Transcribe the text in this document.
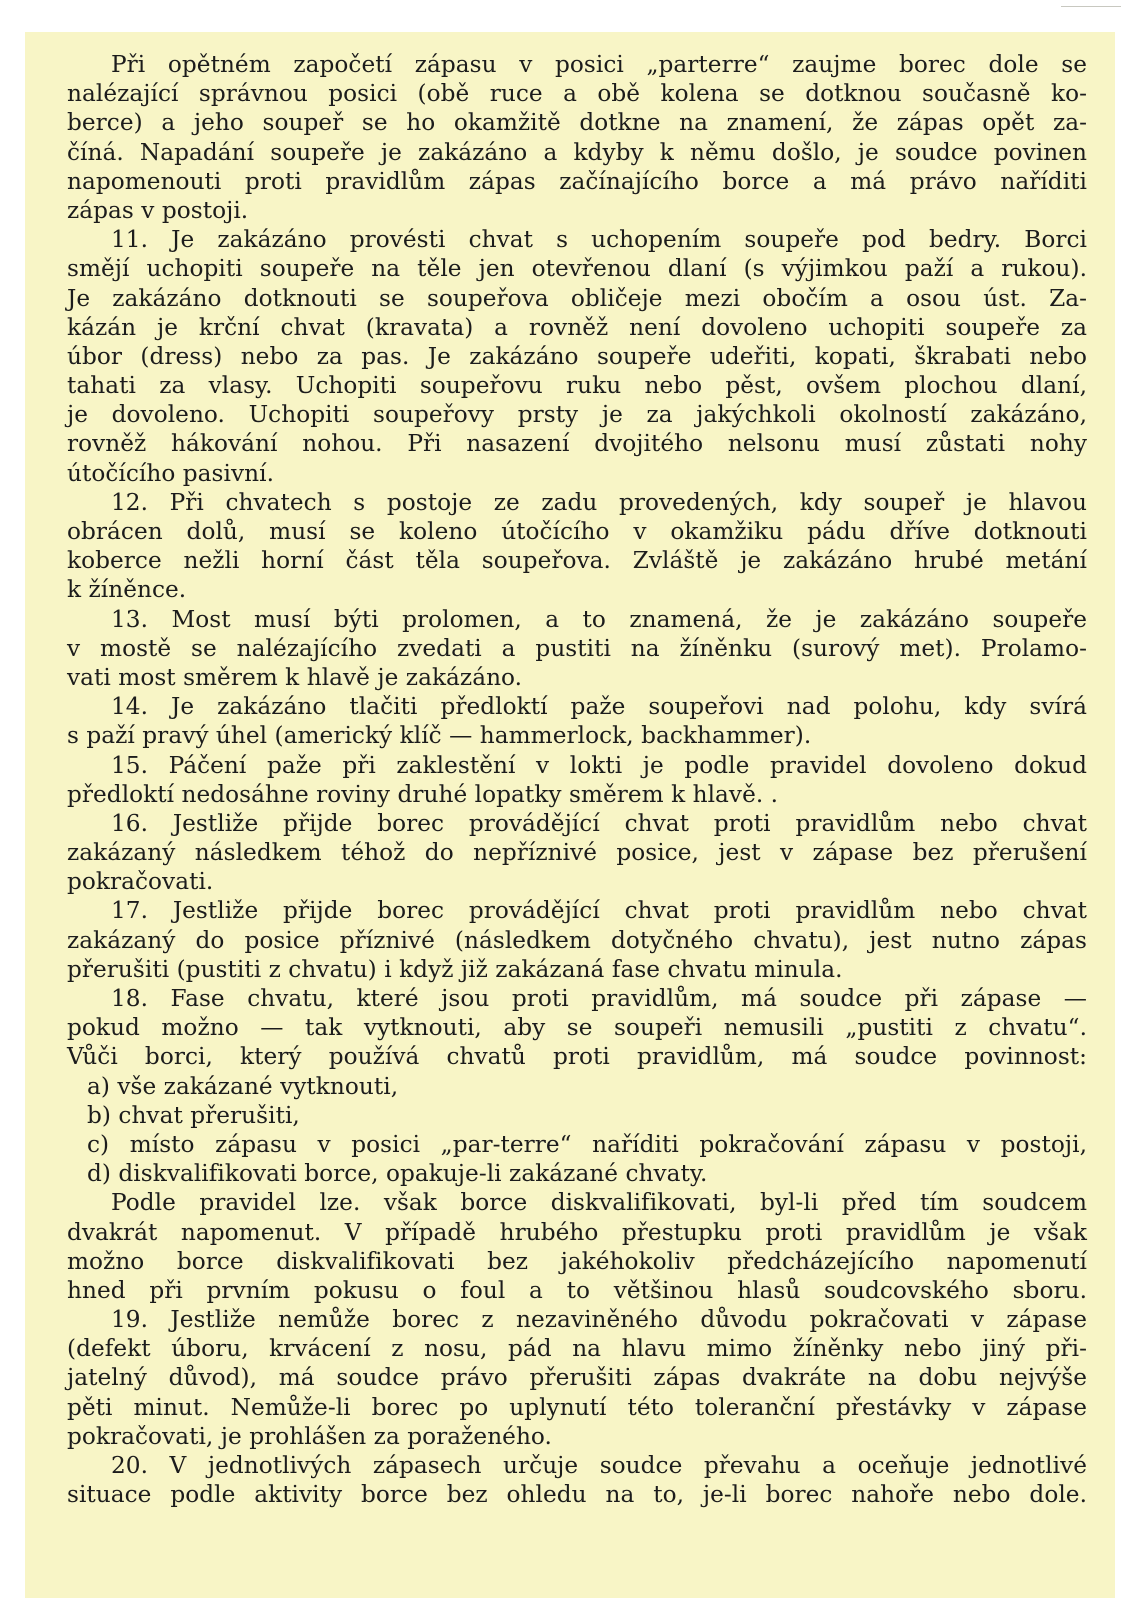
Při opětném započetí zápasu v posici „parterre“ zaujme borec dole se
nalézající správnou posici (obě ruce a obě kolena se dotknou současně ko-
berce) a jeho soupeř se ho okamžitě dotkne na znamení, že zápas opět za-
číná. Napadání soupeře je zakázáno a kdyby k němu došlo, je soudce povinen
napomenouti proti pravidlům zápas začínajícího borce a má právo naříditi
zápas v postoji.
11. Je zakázáno provésti chvat s uchopením soupeře pod bedry. Borci
smějí uchopiti soupeře na těle jen otevřenou dlaní (s výjimkou paží a rukou).
Je zakázáno dotknouti se soupeřova obličeje mezi obočím a osou úst. Za-
kázán je krční chvat (kravata) a rovněž není dovoleno uchopiti soupeře za
úbor (dress) nebo za pas. Je zakázáno soupeře udeřiti, kopati, škrabati nebo
tahati za vlasy. Uchopiti soupeřovu ruku nebo pěst, ovšem plochou dlaní,
je dovoleno. Uchopiti soupeřovy prsty je za jakýchkoli okolností zakázáno,
rovněž hákování nohou. Při nasazení dvojitého nelsonu musí zůstati nohy
útočícího pasivní.
12. Při chvatech s postoje ze zadu provedených, kdy soupeř je hlavou
obrácen dolů, musí se koleno útočícího v okamžiku pádu dříve dotknouti
koberce nežli horní část těla soupeřova. Zvláště je zakázáno hrubé metání
k žíněnce.
13. Most musí býti prolomen, a to znamená, že je zakázáno soupeře
v mostě se nalézajícího zvedati a pustiti na žíněnku (surový met). Prolamo-
vati most směrem k hlavě je zakázáno.
14. Je zakázáno tlačiti předloktí paže soupeřovi nad polohu, kdy svírá
s paží pravý úhel (americký klíč — hammerlock, backhammer).
15. Páčení paže při zaklestění v lokti je podle pravidel dovoleno dokud
předloktí nedosáhne roviny druhé lopatky směrem k hlavě. .
16. Jestliže přijde borec provádějící chvat proti pravidlům nebo chvat
zakázaný následkem téhož do nepříznivé posice, jest v zápase bez přerušení
pokračovati.
17. Jestliže přijde borec provádějící chvat proti pravidlům nebo chvat
zakázaný do posice příznivé (následkem dotyčného chvatu), jest nutno zápas
přerušiti (pustiti z chvatu) i když již zakázaná fase chvatu minula.
18. Fase chvatu, které jsou proti pravidlům, má soudce při zápase —
pokud možno — tak vytknouti, aby se soupeři nemusili „pustiti z chvatu“.
Vůči borci, který používá chvatů proti pravidlům, má soudce povinnost:
a) vše zakázané vytknouti,
b) chvat přerušiti,
c) místo zápasu v posici „par-terre“ naříditi pokračování zápasu v postoji,
d) diskvalifikovati borce, opakuje-li zakázané chvaty.
Podle pravidel lze. však borce diskvalifikovati, byl-li před tím soudcem
dvakrát napomenut. V případě hrubého přestupku proti pravidlům je však
možno borce diskvalifikovati bez jakéhokoliv předcházejícího napomenutí
hned při prvním pokusu o foul a to většinou hlasů soudcovského sboru.
19. Jestliže nemůže borec z nezaviněného důvodu pokračovati v zápase
(defekt úboru, krvácení z nosu, pád na hlavu mimo žíněnky nebo jiný při-
jatelný důvod), má soudce právo přerušiti zápas dvakráte na dobu nejvýše
pěti minut. Nemůže-li borec po uplynutí této toleranční přestávky v zápase
pokračovati, je prohlášen za poraženého.
20. V jednotlivých zápasech určuje soudce převahu a oceňuje jednotlivé
situace podle aktivity borce bez ohledu na to, je-li borec nahoře nebo dole.
